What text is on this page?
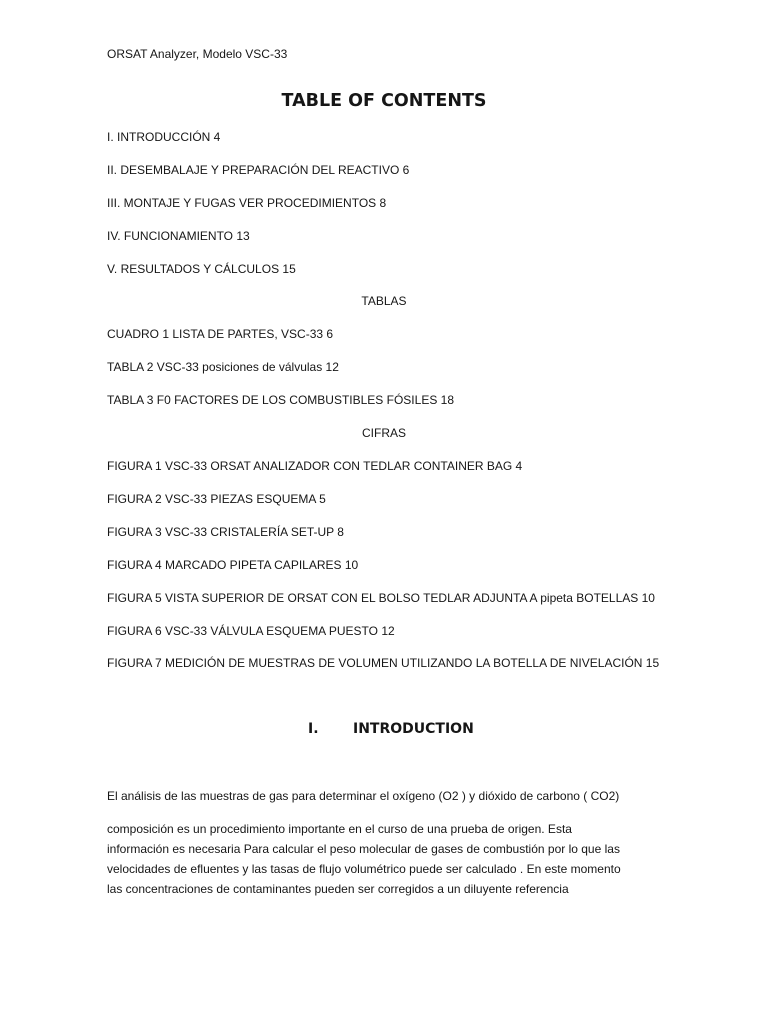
ORSAT Analyzer, Modelo VSC-33
TABLE OF CONTENTS
I. INTRODUCCIÓN 4
II. DESEMBALAJE Y PREPARACIÓN DEL REACTIVO 6
III. MONTAJE Y FUGAS VER PROCEDIMIENTOS 8
IV. FUNCIONAMIENTO 13
V. RESULTADOS Y CÁLCULOS 15
TABLAS
CUADRO 1 LISTA DE PARTES, VSC-33 6
TABLA 2 VSC-33 posiciones de válvulas 12
TABLA 3 F0 FACTORES DE LOS COMBUSTIBLES FÓSILES 18
CIFRAS
FIGURA 1 VSC-33 ORSAT ANALIZADOR CON TEDLAR CONTAINER BAG 4
FIGURA 2 VSC-33 PIEZAS ESQUEMA 5
FIGURA 3 VSC-33 CRISTALERÍA SET-UP 8
FIGURA 4 MARCADO PIPETA CAPILARES 10
FIGURA 5 VISTA SUPERIOR DE ORSAT CON EL BOLSO TEDLAR ADJUNTA A pipeta BOTELLAS 10
FIGURA 6 VSC-33 VÁLVULA ESQUEMA PUESTO 12
FIGURA 7 MEDICIÓN DE MUESTRAS DE VOLUMEN UTILIZANDO LA BOTELLA DE NIVELACIÓN 15
I. INTRODUCTION
El análisis de las muestras de gas para determinar el oxígeno (O2 ) y dióxido de carbono ( CO2)
composición es un procedimiento importante en el curso de una prueba de origen. Esta
información es necesaria Para calcular el peso molecular de gases de combustión por lo que las
velocidades de efluentes y las tasas de flujo volumétrico puede ser calculado . En este momento
las concentraciones de contaminantes pueden ser corregidos a un diluyente referencia
